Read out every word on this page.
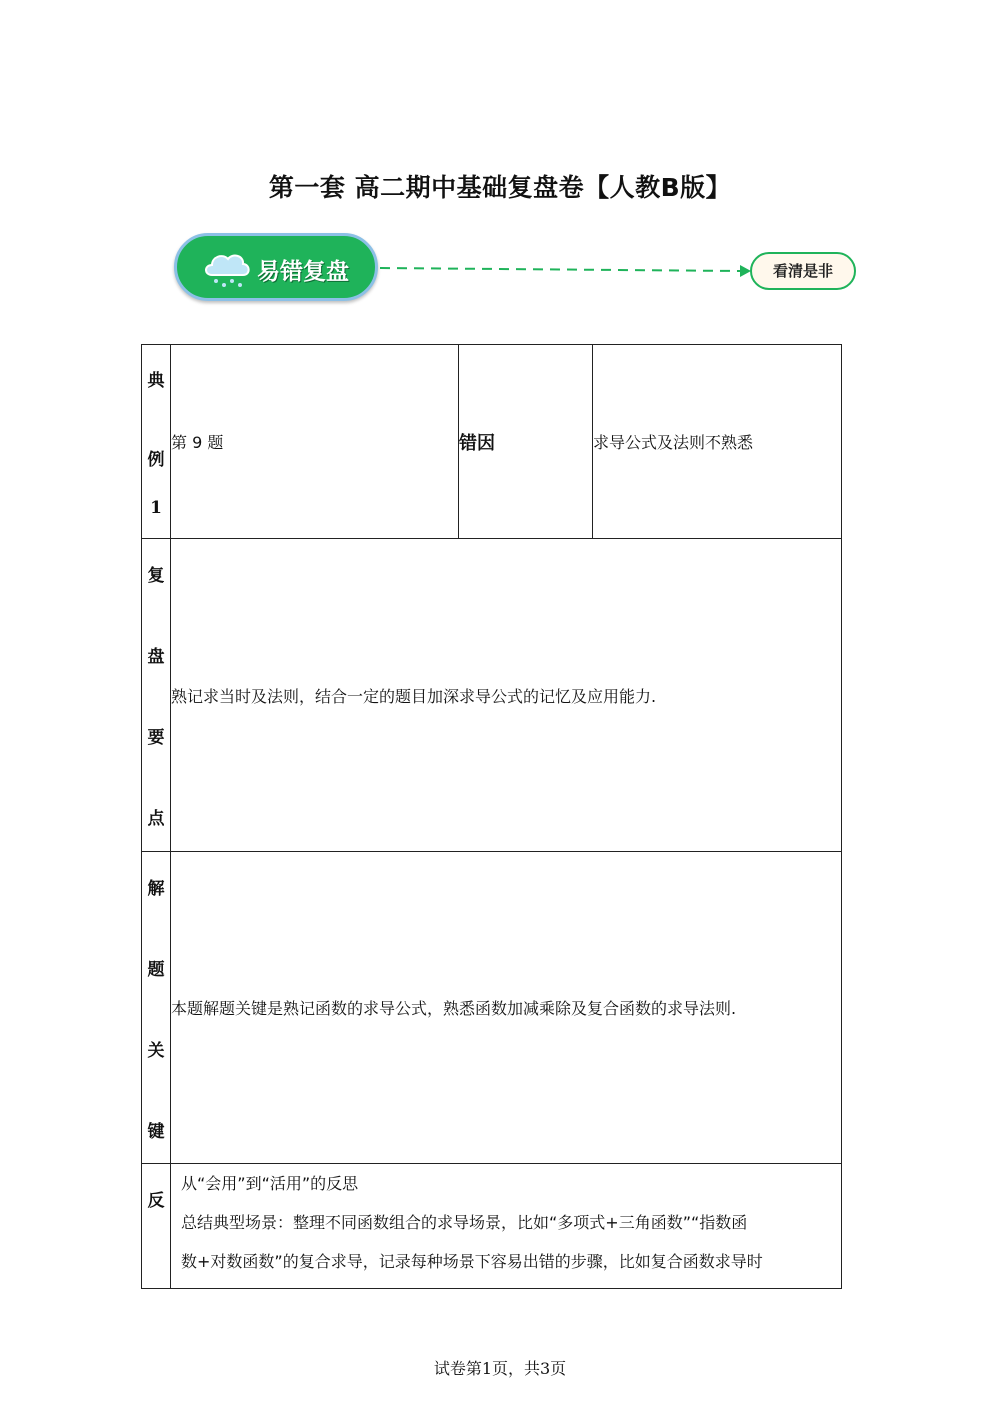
第一套 高二期中基础复盘卷【人教B版】
易错复盘	看清是非
典
例
1	第 9 题	错因	求导公式及法则不熟悉

复
盘
要
点	熟记求当时及法则，结合一定的题目加深求导公式的记忆及应用能力.		

解
题
关
键	本题解题关键是熟记函数的求导公式，熟悉函数加减乘除及复合函数的求导法则.		

反	从“会用”到“活用”的反思
总结典型场景：整理不同函数组合的求导场景，比如“多项式+三角函数”“指数函
数+对数函数”的复合求导，记录每种场景下容易出错的步骤，比如复合函数求导时		
试卷第1页，共3页
